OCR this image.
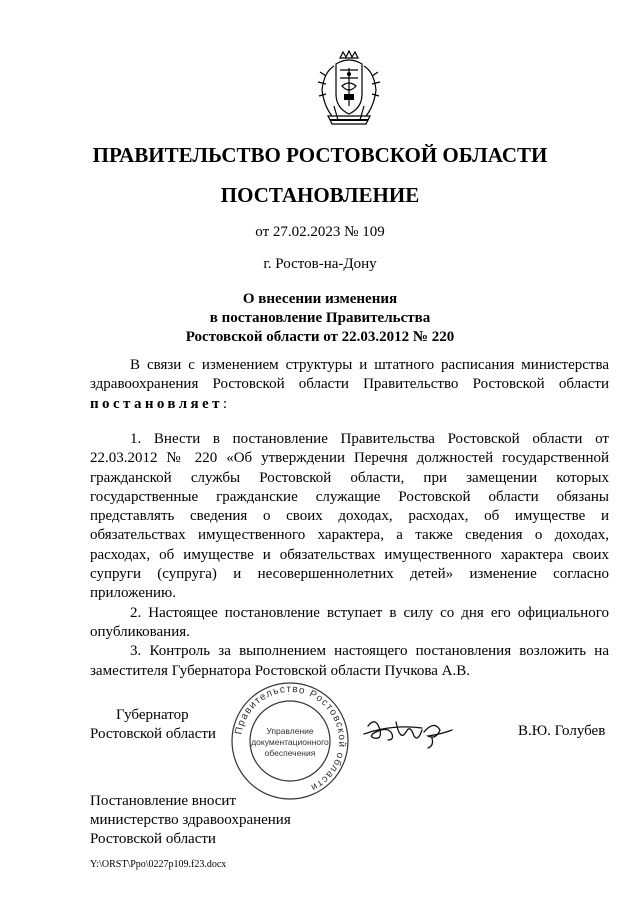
ПРАВИТЕЛЬСТВО РОСТОВСКОЙ ОБЛАСТИ
ПОСТАНОВЛЕНИЕ
от 27.02.2023 № 109
г. Ростов-на-Дону
О внесении изменения
в постановление Правительства
Ростовской области от 22.03.2012 № 220
В связи с изменением структуры и штатного расписания министерства здравоохранения Ростовской области Правительство Ростовской области постановляет:

1. Внести в постановление Правительства Ростовской области от 22.03.2012 № 220 «Об утверждении Перечня должностей государственной гражданской службы Ростовской области, при замещении которых государственные гражданские служащие Ростовской области обязаны представлять сведения о своих доходах, расходах, об имуществе и обязательствах имущественного характера, а также сведения о доходах, расходах, об имуществе и обязательствах имущественного характера своих супруги (супруга) и несовершеннолетних детей» изменение согласно приложению.

2. Настоящее постановление вступает в силу со дня его официального опубликования.

3. Контроль за выполнением настоящего постановления возложить на заместителя Губернатора Ростовской области Пучкова А.В.

Губернатор
Ростовской области Правительство Ростовской области
Управление
документационного
обеспечения
В.Ю. Голубев
Постановление вносит
министерство здравоохранения
Ростовской области
Y:\ORST\Ppo\0227p109.f23.docx
